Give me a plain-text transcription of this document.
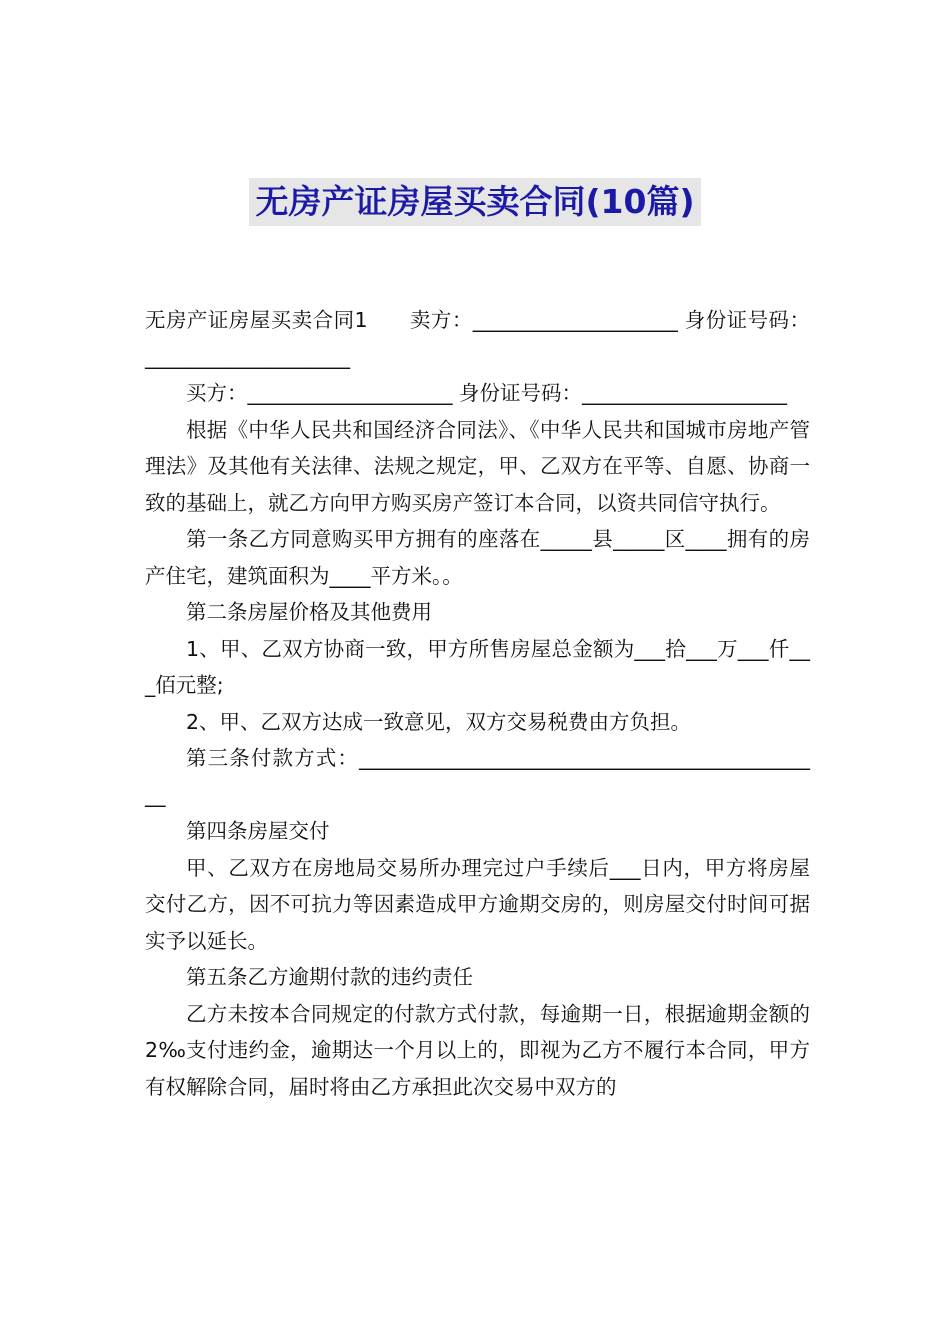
无房产证房屋买卖合同(10篇)

无房产证房屋买卖合同1　　卖方：____________________ 身份证号码：____________________

买方：____________________ 身份证号码：____________________

根据《中华人民共和国经济合同法》、《中华人民共和国城市房地产管理法》及其他有关法律、法规之规定，甲、乙双方在平等、自愿、协商一致的基础上，就乙方向甲方购买房产签订本合同，以资共同信守执行。

第一条乙方同意购买甲方拥有的座落在_____县_____区____拥有的房产住宅，建筑面积为____平方米。。

第二条房屋价格及其他费用

1、甲、乙双方协商一致，甲方所售房屋总金额为___拾___万___仟___佰元整;

2、甲、乙双方达成一致意见，双方交易税费由方负担。

第三条付款方式：______________________________________________

第四条房屋交付

甲、乙双方在房地局交易所办理完过户手续后___日内，甲方将房屋交付乙方，因不可抗力等因素造成甲方逾期交房的，则房屋交付时间可据实予以延长。

第五条乙方逾期付款的违约责任

乙方未按本合同规定的付款方式付款，每逾期一日，根据逾期金额的2‰支付违约金，逾期达一个月以上的，即视为乙方不履行本合同，甲方有权解除合同，届时将由乙方承担此次交易中双方的
